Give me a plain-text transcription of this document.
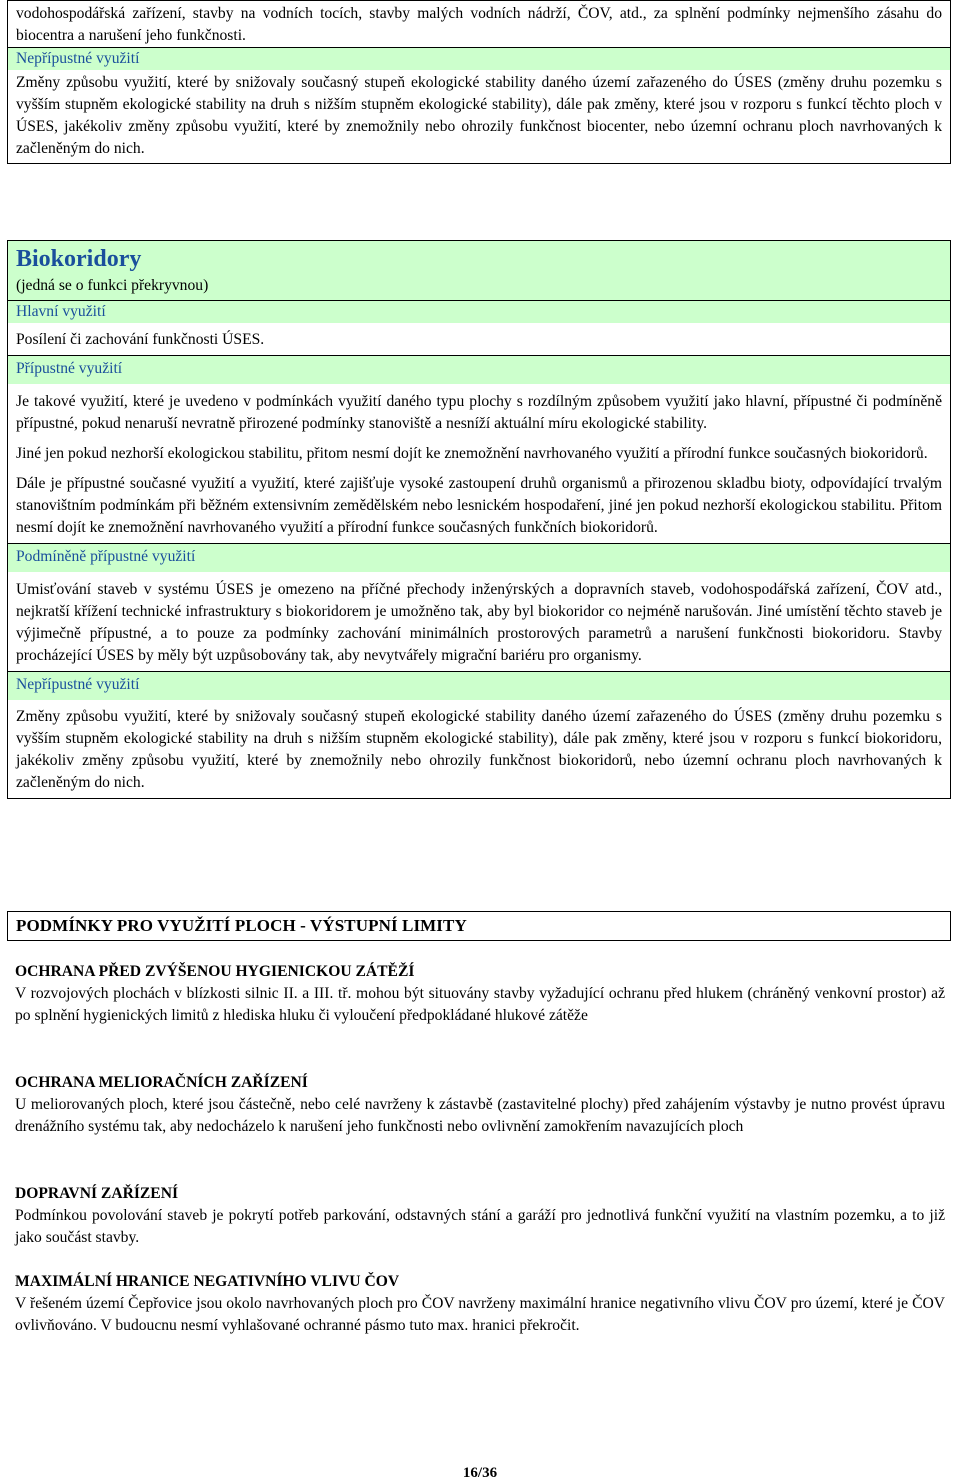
vodohospodářská zařízení, stavby na vodních tocích, stavby malých vodních nádrží, ČOV, atd., za splnění podmínky nejmenšího zásahu do biocentra a narušení jeho funkčnosti.

Nepřípustné využití

Změny způsobu využití, které by snižovaly současný stupeň ekologické stability daného území zařazeného do ÚSES (změny druhu pozemku s vyšším stupněm ekologické stability na druh s nižším stupněm ekologické stability), dále pak změny, které jsou v rozporu s funkcí těchto ploch v ÚSES, jakékoliv změny způsobu využití, které by znemožnily nebo ohrozily funkčnost biocenter, nebo územní ochranu ploch navrhovaných k začleněným do nich.

Biokoridory
(jedná se o funkci překryvnou)
Hlavní využití

Posílení či zachování funkčnosti ÚSES.

Přípustné využití

Je takové využití, které je uvedeno v podmínkách využití daného typu plochy s rozdílným způsobem využití jako hlavní, přípustné či podmíněně přípustné, pokud nenaruší nevratně přirozené podmínky stanoviště a nesníží aktuální míru ekologické stability.

Jiné jen pokud nezhorší ekologickou stabilitu, přitom nesmí dojít ke znemožnění navrhovaného využití a přírodní funkce současných biokoridorů.

Dále je přípustné současné využití a využití, které zajišťuje vysoké zastoupení druhů organismů a přirozenou skladbu bioty, odpovídající trvalým stanovištním podmínkám při běžném extensivním zemědělském nebo lesnickém hospodaření, jiné jen pokud nezhorší ekologickou stabilitu. Přitom nesmí dojít ke znemožnění navrhovaného využití a přírodní funkce současných funkčních biokoridorů.

Podmíněně přípustné využití

Umisťování staveb v systému ÚSES je omezeno na příčné přechody inženýrských a dopravních staveb, vodohospodářská zařízení, ČOV atd., nejkratší křížení technické infrastruktury s biokoridorem je umožněno tak, aby byl biokoridor co nejméně narušován. Jiné umístění těchto staveb je výjimečně přípustné, a to pouze za podmínky zachování minimálních prostorových parametrů a narušení funkčnosti biokoridoru. Stavby procházející ÚSES by měly být uzpůsobovány tak, aby nevytvářely migrační bariéru pro organismy.

Nepřípustné využití

Změny způsobu využití, které by snižovaly současný stupeň ekologické stability daného území zařazeného do ÚSES (změny druhu pozemku s vyšším stupněm ekologické stability na druh s nižším stupněm ekologické stability), dále pak změny, které jsou v rozporu s funkcí biokoridoru, jakékoliv změny způsobu využití, které by znemožnily nebo ohrozily funkčnost biokoridorů, nebo územní ochranu ploch navrhovaných k začleněným do nich.

PODMÍNKY PRO VYUŽITÍ PLOCH - VÝSTUPNÍ LIMITY

OCHRANA PŘED ZVÝŠENOU HYGIENICKOU ZÁTĚŽÍ

V rozvojových plochách v blízkosti silnic II. a III. tř. mohou být situovány stavby vyžadující ochranu před hlukem (chráněný venkovní prostor) až po splnění hygienických limitů z hlediska hluku či vyloučení předpokládané hlukové zátěže

OCHRANA MELIORAČNÍCH ZAŘÍZENÍ

U meliorovaných ploch, které jsou částečně, nebo celé navrženy k zástavbě (zastavitelné plochy) před zahájením výstavby je nutno provést úpravu drenážního systému tak, aby nedocházelo k narušení jeho funkčnosti nebo ovlivnění zamokřením navazujících ploch

DOPRAVNÍ ZAŘÍZENÍ

Podmínkou povolování staveb je pokrytí potřeb parkování, odstavných stání a garáží pro jednotlivá funkční využití na vlastním pozemku, a to již jako součást stavby.

MAXIMÁLNÍ HRANICE NEGATIVNÍHO VLIVU ČOV

V řešeném území Čepřovice jsou okolo navrhovaných ploch pro ČOV navrženy maximální hranice negativního vlivu ČOV pro území, které je ČOV ovlivňováno. V budoucnu nesmí vyhlašované ochranné pásmo tuto max. hranici překročit.

16/36
